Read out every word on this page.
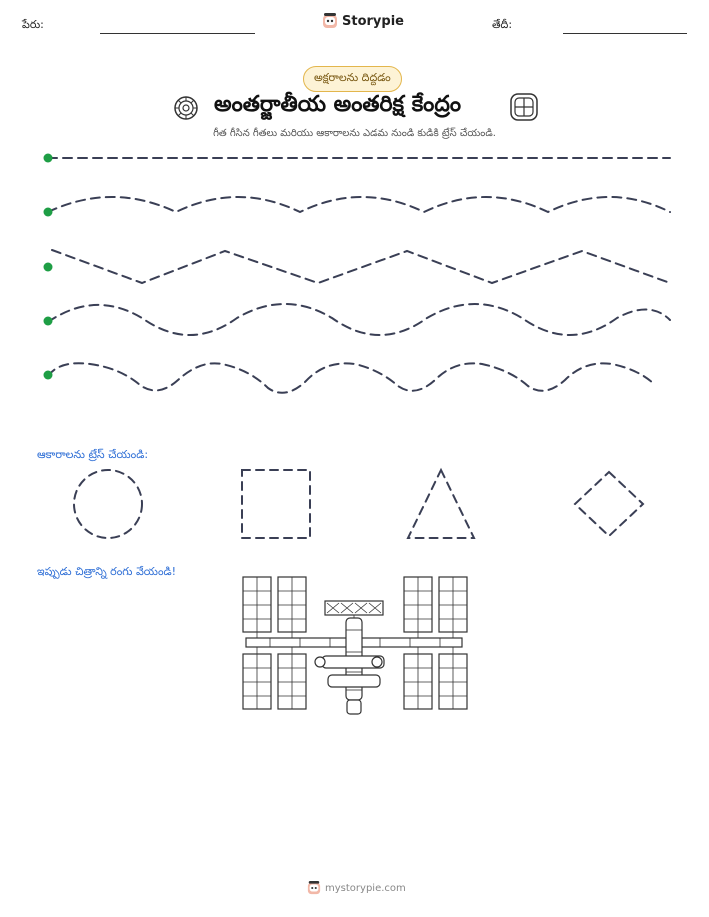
పేరు:	Storypie	తేదీ:
అక్షరాలను దిద్దడం
అంతర్జాతీయ అంతరిక్ష కేంద్రం
గీత గీసిన గీతలు మరియు ఆకారాలను ఎడమ నుండి కుడికి ట్రేస్ చేయండి.
ఆకారాలను ట్రేస్ చేయండి:
ఇప్పుడు చిత్రాన్ని రంగు వేయండి!
mystorypie.com
